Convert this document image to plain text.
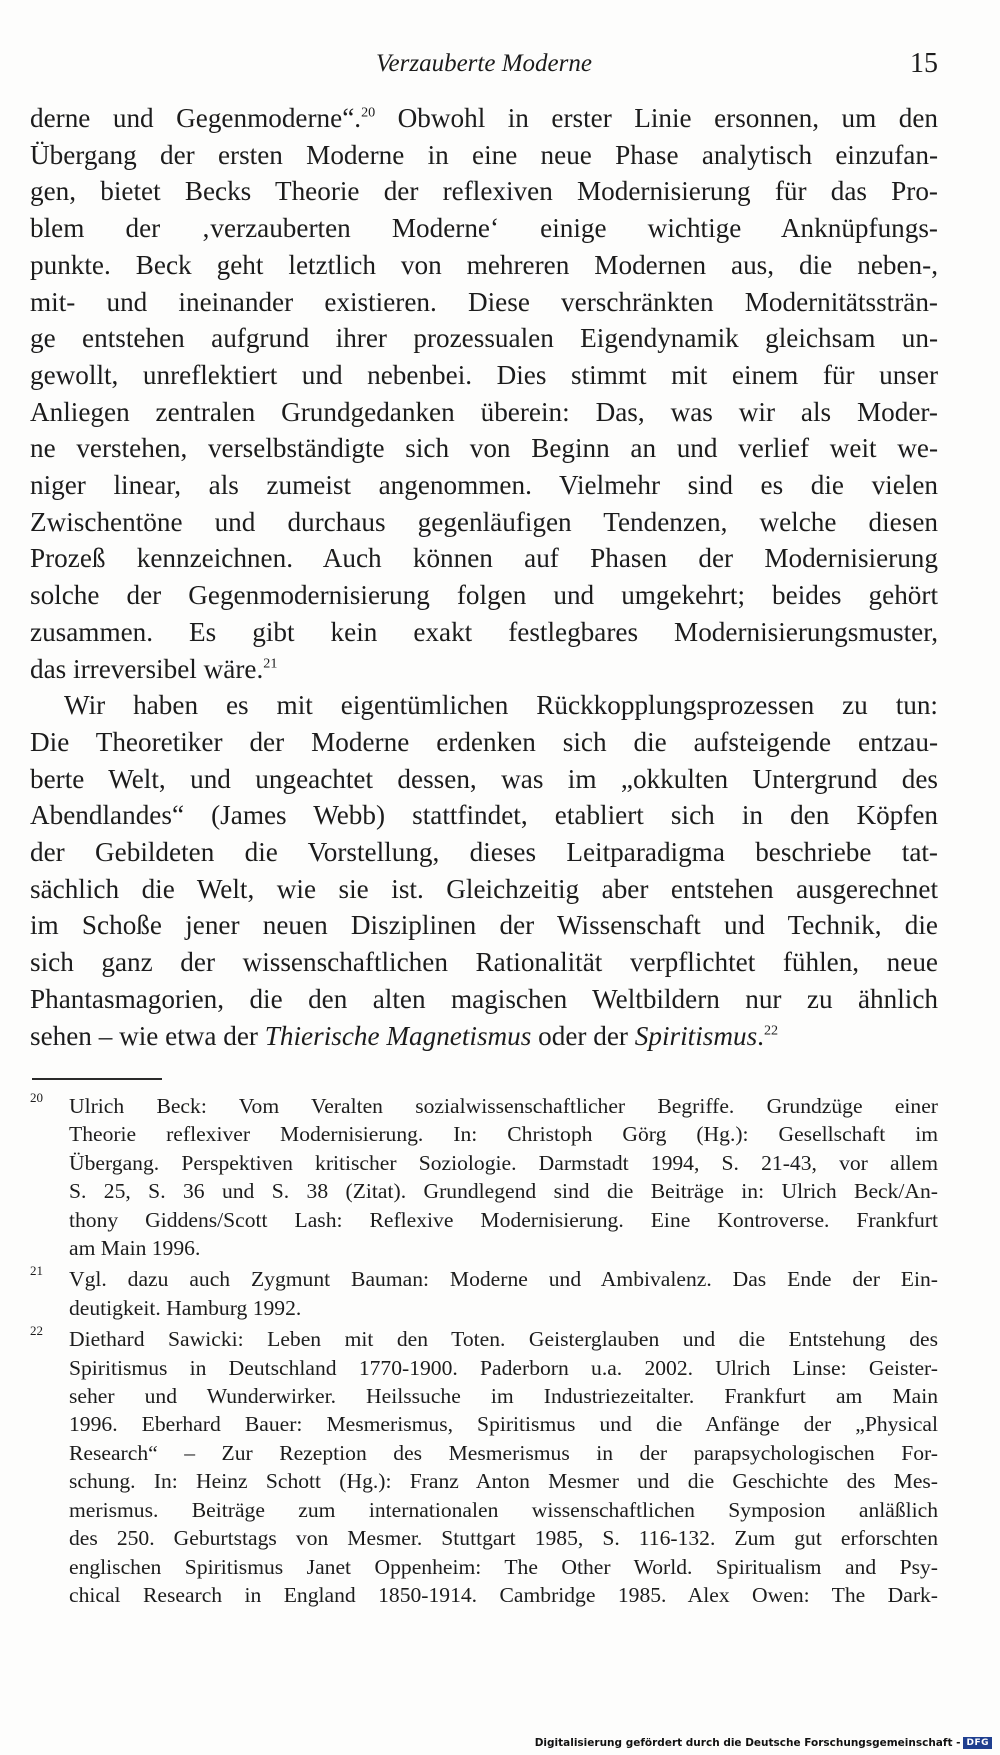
Verzauberte Moderne	15

derne und Gegenmoderne“.$^{20}$ Obwohl in erster Linie ersonnen, um den
Übergang der ersten Moderne in eine neue Phase analytisch einzufan-
gen, bietet Becks Theorie der reflexiven Modernisierung für das Pro-
blem der ‚verzauberten Moderne‘ einige wichtige Anknüpfungs-
punkte. Beck geht letztlich von mehreren Modernen aus, die neben-,
mit- und ineinander existieren. Diese verschränkten Modernitätssträn-
ge entstehen aufgrund ihrer prozessualen Eigendynamik gleichsam un-
gewollt, unreflektiert und nebenbei. Dies stimmt mit einem für unser
Anliegen zentralen Grundgedanken überein: Das, was wir als Moder-
ne verstehen, verselbständigte sich von Beginn an und verlief weit we-
niger linear, als zumeist angenommen. Vielmehr sind es die vielen
Zwischentöne und durchaus gegenläufigen Tendenzen, welche diesen
Prozeß kennzeichnen. Auch können auf Phasen der Modernisierung
solche der Gegenmodernisierung folgen und umgekehrt; beides gehört
zusammen. Es gibt kein exakt festlegbares Modernisierungsmuster,
das irreversibel wäre.$^{21}$

Wir haben es mit eigentümlichen Rückkopplungsprozessen zu tun:
Die Theoretiker der Moderne erdenken sich die aufsteigende entzau-
berte Welt, und ungeachtet dessen, was im „okkulten Untergrund des
Abendlandes“ (James Webb) stattfindet, etabliert sich in den Köpfen
der Gebildeten die Vorstellung, dieses Leitparadigma beschriebe tat-
sächlich die Welt, wie sie ist. Gleichzeitig aber entstehen ausgerechnet
im Schoße jener neuen Disziplinen der Wissenschaft und Technik, die
sich ganz der wissenschaftlichen Rationalität verpflichtet fühlen, neue
Phantasmagorien, die den alten magischen Weltbildern nur zu ähnlich
sehen – wie etwa der Thierische Magnetismus oder der Spiritismus.$^{22}$

20 Ulrich Beck: Vom Veralten sozialwissenschaftlicher Begriffe. Grundzüge einer
Theorie reflexiver Modernisierung. In: Christoph Görg (Hg.): Gesellschaft im
Übergang. Perspektiven kritischer Soziologie. Darmstadt 1994, S. 21-43, vor allem
S. 25, S. 36 und S. 38 (Zitat). Grundlegend sind die Beiträge in: Ulrich Beck/An-
thony Giddens/Scott Lash: Reflexive Modernisierung. Eine Kontroverse. Frankfurt
am Main 1996.
21 Vgl. dazu auch Zygmunt Bauman: Moderne und Ambivalenz. Das Ende der Ein-
deutigkeit. Hamburg 1992.
22 Diethard Sawicki: Leben mit den Toten. Geisterglauben und die Entstehung des
Spiritismus in Deutschland 1770-1900. Paderborn u.a. 2002. Ulrich Linse: Geister-
seher und Wunderwirker. Heilssuche im Industriezeitalter. Frankfurt am Main
1996. Eberhard Bauer: Mesmerismus, Spiritismus und die Anfänge der „Physical
Research“ – Zur Rezeption des Mesmerismus in der parapsychologischen For-
schung. In: Heinz Schott (Hg.): Franz Anton Mesmer und die Geschichte des Mes-
merismus. Beiträge zum internationalen wissenschaftlichen Symposion anläßlich
des 250. Geburtstags von Mesmer. Stuttgart 1985, S. 116-132. Zum gut erforschten
englischen Spiritismus Janet Oppenheim: The Other World. Spiritualism and Psy-
chical Research in England 1850-1914. Cambridge 1985. Alex Owen: The Dark-
Digitalisierung gefördert durch die Deutsche Forschungsgemeinschaft - DFG
